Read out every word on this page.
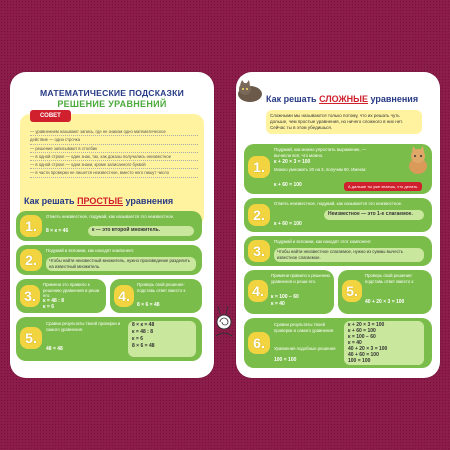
МАТЕМАТИЧЕСКИЕ ПОДСКАЗКИ
РЕШЕНИЕ УРАВНЕНИЙ
СОВЕТ
— уравнением называют запись, где не знаком одно математическое
действие — одна строчка
— решение записывают в столбик
— в одной строке — один знак, так, как доказы получились неизвестное
— в одной строке — одни знаки, кроме записанного буквой
— в части проверки не пишется неизвестное, вместо него пишут число
Как решать ПРОСТЫЕ уравнения
1.
Отметь неизвестное, подумай, как называется это неизвестное.
8 × к = 46	к — это второй множитель.
2.
Подумай и вспомни, как находят компонент.
Чтобы найти неизвестный множитель, нужно произведение разделить на известный множитель.
3.
Примени это правило к решению уравнения и реши его.
к = 48 : 8
к = 6
4.
Проверь свой решение: подставь ответ вместо к
8 × 6 = 48
5.
Сравни результаты твоей проверки и самого уравнения.
48 = 48
8 × к = 48
к = 48 : 8
к = 6
8 × 6 = 48
Как решать СЛОЖНЫЕ уравнения
Сложными мы называются только потому, что их решать чуть дольше, чем простые уравнения, но ничего сложного в них нет. Сейчас ты в этом убедишься.
1.
Подумай, как можно упростить выражение, — вычисли всё, что можно.
к + 20 × 3 = 100
Можно умножить 20 на 3, получим 60. Имеем:
к + 60 = 100	А дальше ты уже знаешь, что делать.
2.
Отметь неизвестное, подумай, как называется это неизвестное.
к + 60 = 100
Неизвестное — это 1-е слагаемое.
3.
Подумай и вспомни, как находят этот компонент.
Чтобы найти неизвестное слагаемое, нужно из суммы вычесть известное слагаемое.
4.
Примени правило к решению уравнения и реши его.
к = 100 − 60
к = 40
5.
Проверь свой решение: подставь ответ вместо к
40 + 20 × 3 = 100
6.
Сравни результаты твоей проверки и самого уравнения.
Уравнения подобные решения
100 = 100
к + 20 × 3 = 100
к + 60 = 100
к = 100 − 60
к = 40
40 + 20 × 3 = 100
40 + 60 = 100
100 = 100
